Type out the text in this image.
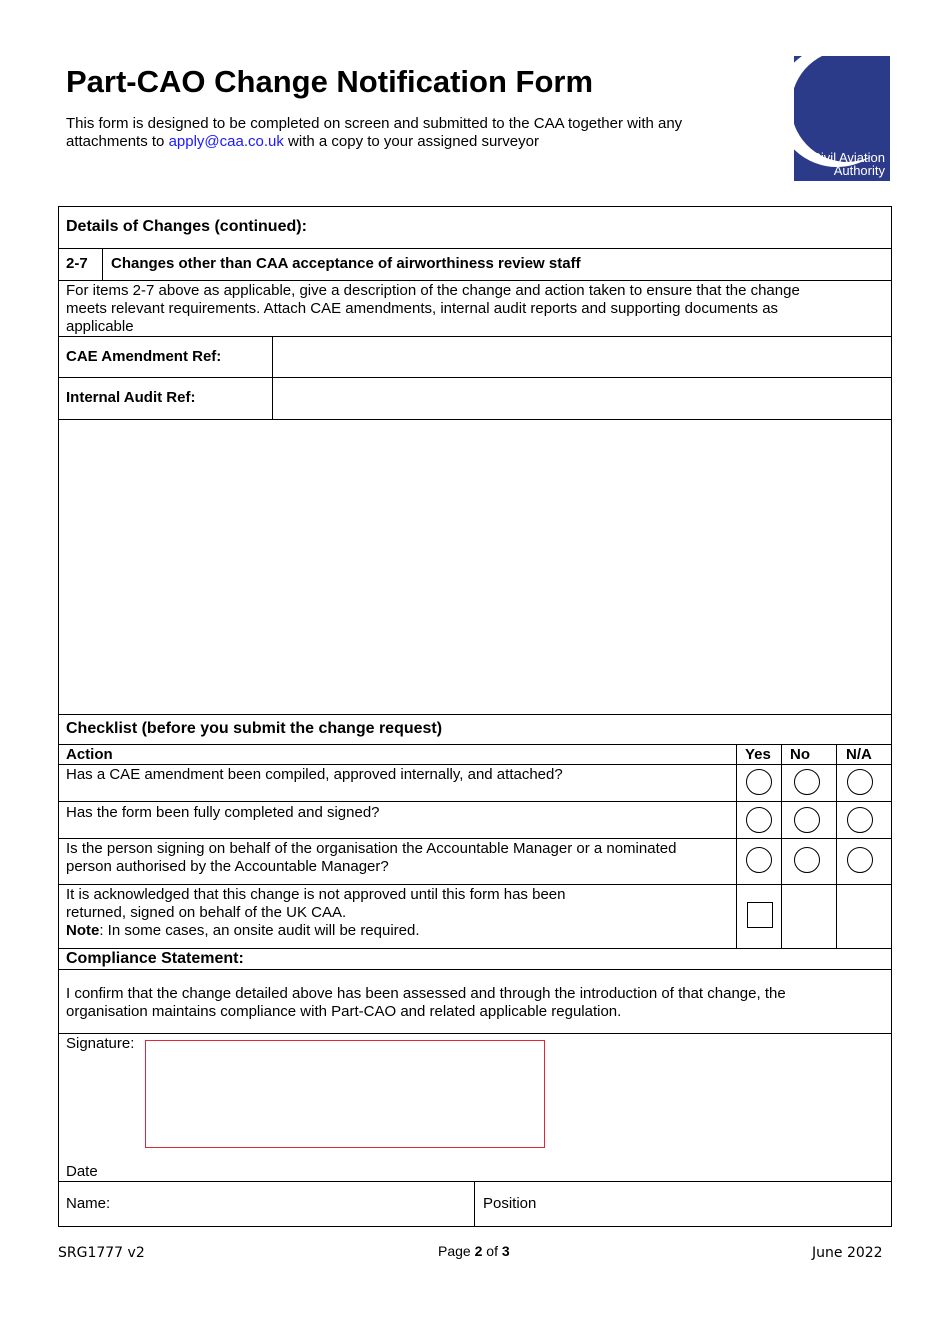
Part-CAO Change Notification Form
This form is designed to be completed on screen and submitted to the CAA together with any
attachments to apply@caa.co.uk with a copy to your assigned surveyor
Civil Aviation
Authority
Details of Changes (continued):
2-7 Changes other than CAA acceptance of airworthiness review staff
For items 2-7 above as applicable, give a description of the change and action taken to ensure that the change
meets relevant requirements. Attach CAE amendments, internal audit reports and supporting documents as
applicable
CAE Amendment Ref:
Internal Audit Ref:
Checklist (before you submit the change request)
Action	Yes No N/A
Has a CAE amendment been compiled, approved internally, and attached?
Has the form been fully completed and signed?
Is the person signing on behalf of the organisation the Accountable Manager or a nominated
person authorised by the Accountable Manager?
It is acknowledged that this change is not approved until this form has been
returned, signed on behalf of the UK CAA.
Note: In some cases, an onsite audit will be required.
Compliance Statement:
I confirm that the change detailed above has been assessed and through the introduction of that change, the
organisation maintains compliance with Part-CAO and related applicable regulation.
Signature:
Date
Name:	Position
SRG1777 v2	Page 2 of 3	June 2022
